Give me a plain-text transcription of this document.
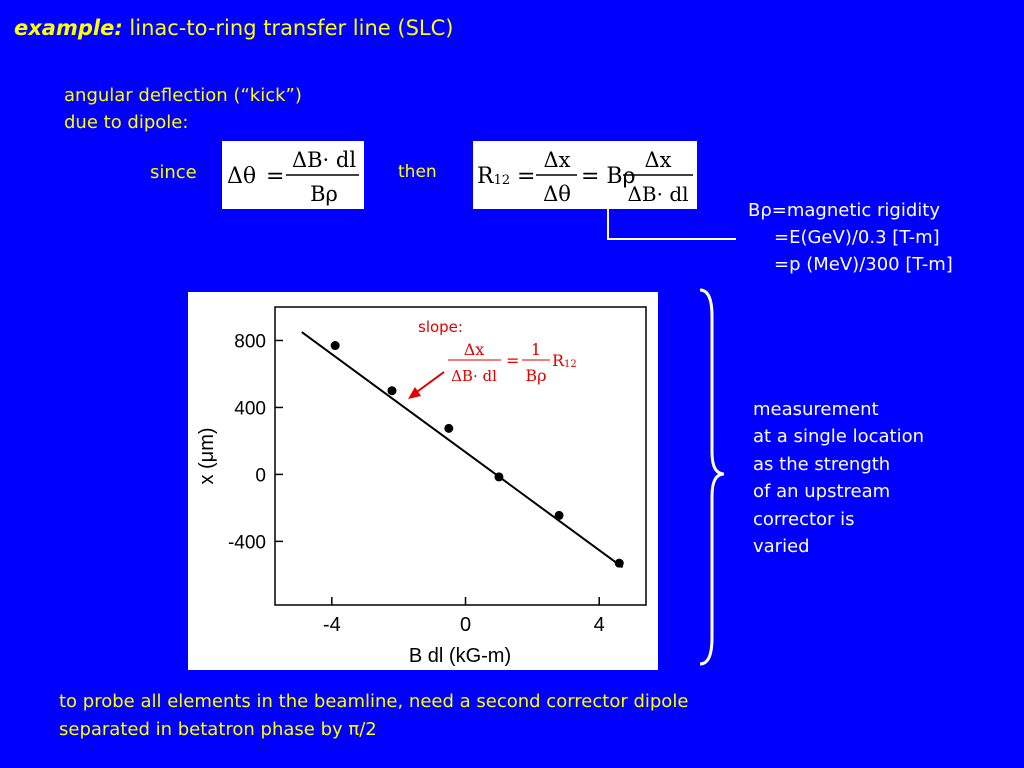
example: linac-to-ring transfer line (SLC)
angular deflection (“kick”)
due to dipole:
since Δθ =
ΔB· dl
Bρ
then R12 =
Δx
Δθ
= Bρ
Δx
ΔB· dl
Bρ=magnetic rigidity
=E(GeV)/0.3 [T-m]
=p (MeV)/300 [T-m]
-4	0	4
-400
0
400
800
B dl (kG-m)
x (μm)
slope:
Δx
ΔB· dl
=
1
Bρ
R12
measurement
at a single location
as the strength
of an upstream
corrector is
varied
to probe all elements in the beamline, need a second corrector dipole
separated in betatron phase by π/2
